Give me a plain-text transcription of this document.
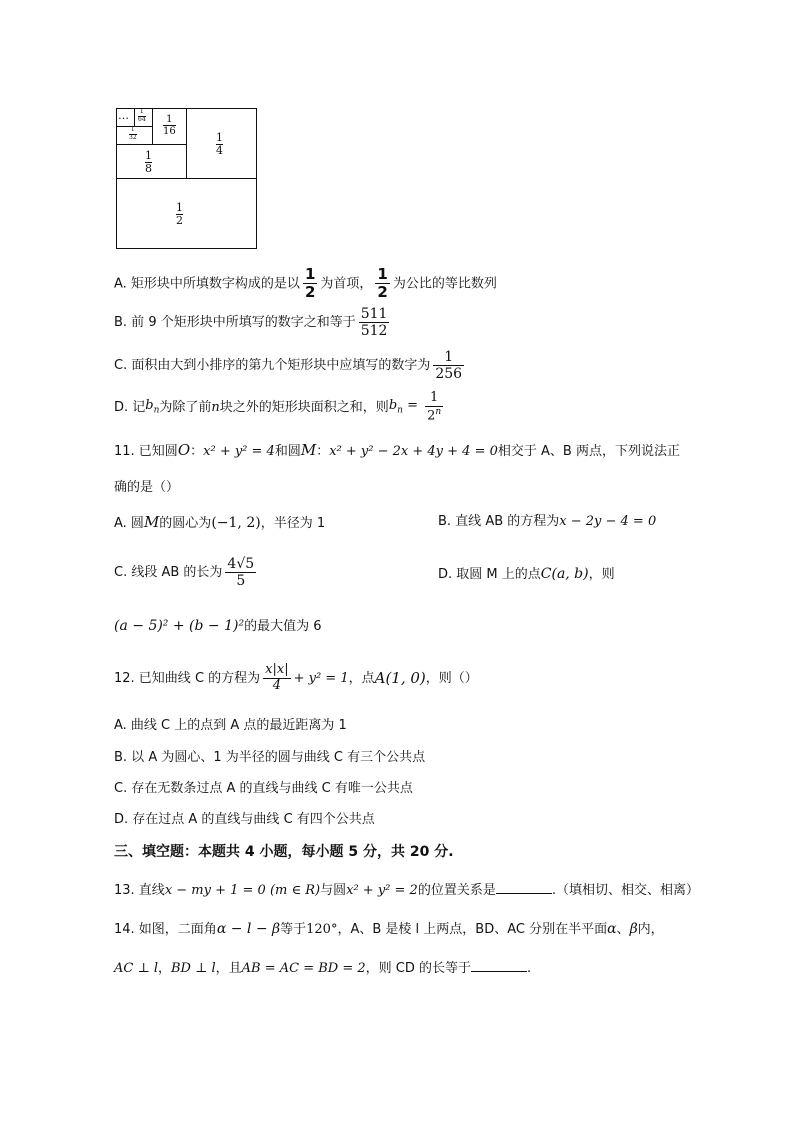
1
2
1
4
1
8
1
16
1
32
1
64
…
A. 矩形块中所填数字构成的是以 $\frac{1}{2}$ 为首项， $\frac{1}{2}$ 为公比的等比数列
B. 前 9 个矩形块中所填写的数字之和等于 $\frac{511}{512}$
C. 面积由大到小排序的第九个矩形块中应填写的数字为 $\frac{1}{256}$
D. 记$b_n$为除了前n块之外的矩形块面积之和，则$b_n = \frac{1}{2^n}$
11. 已知圆O：x² + y² = 4和圆M：x² + y² − 2x + 4y + 4 = 0相交于 A、B 两点，下列说法正
确的是（）
A. 圆M的圆心为(−1, 2)，半径为 1	B. 直线 AB 的方程为x − 2y − 4 = 0
C. 线段 AB 的长为 $\frac{4√5}{5}$	D. 取圆 M 上的点C(a, b)，则
(a − 5)² + (b − 1)²的最大值为 6
12. 已知曲线 C 的方程为 $\frac{x|x|}{4} + y^2 = 1$，点A(1, 0)，则（）
A. 曲线 C 上的点到 A 点的最近距离为 1
B. 以 A 为圆心、1 为半径的圆与曲线 C 有三个公共点
C. 存在无数条过点 A 的直线与曲线 C 有唯一公共点
D. 存在过点 A 的直线与曲线 C 有四个公共点
三、填空题：本题共 4 小题，每小题 5 分，共 20 分.
13. 直线x − my + 1 = 0 (m ∈ R)与圆x² + y² = 2的位置关系是	.（填相切、相交、相离）
14. 如图，二面角α − l − β等于120°，A、B 是棱 l 上两点，BD、AC 分别在半平面α、β内，
AC ⊥ l，BD ⊥ l，且AB = AC = BD = 2，则 CD 的长等于	.
